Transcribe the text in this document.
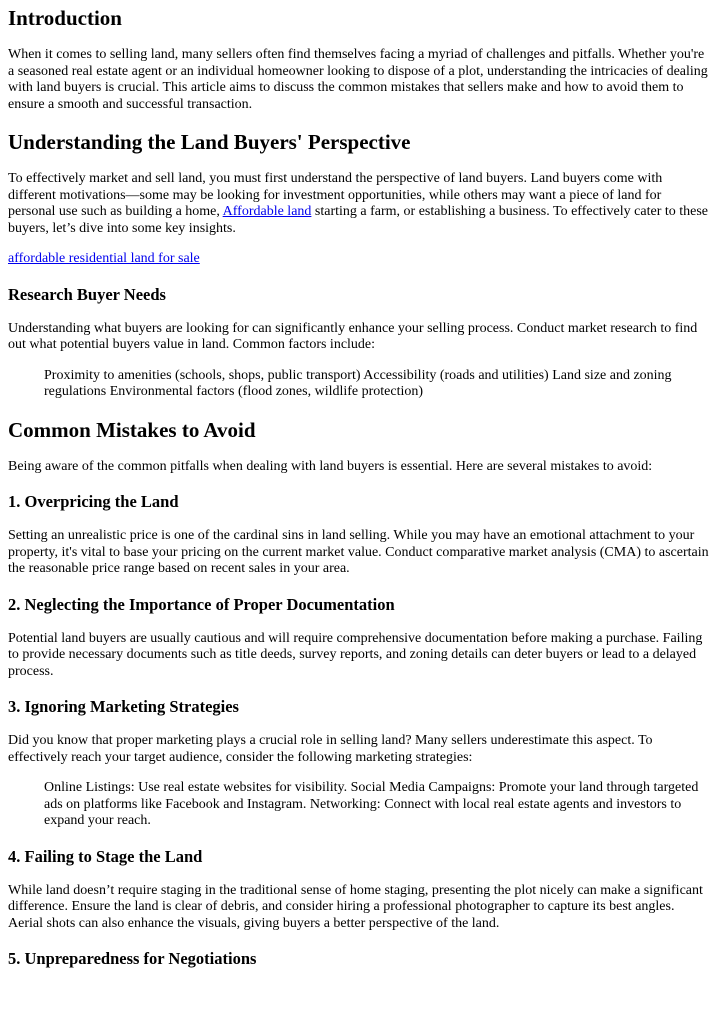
Introduction

When it comes to selling land, many sellers often find themselves facing a myriad of challenges and pitfalls. Whether you're a seasoned real estate agent or an individual homeowner looking to dispose of a plot, understanding the intricacies of dealing with land buyers is crucial. This article aims to discuss the common mistakes that sellers make and how to avoid them to ensure a smooth and successful transaction.

Understanding the Land Buyers' Perspective

To effectively market and sell land, you must first understand the perspective of land buyers. Land buyers come with different motivations—some may be looking for investment opportunities, while others may want a piece of land for personal use such as building a home, Affordable land starting a farm, or establishing a business. To effectively cater to these buyers, let’s dive into some key insights.

affordable residential land for sale

Research Buyer Needs

Understanding what buyers are looking for can significantly enhance your selling process. Conduct market research to find out what potential buyers value in land. Common factors include:

Proximity to amenities (schools, shops, public transport) Accessibility (roads and utilities) Land size and zoning regulations Environmental factors (flood zones, wildlife protection)
Common Mistakes to Avoid

Being aware of the common pitfalls when dealing with land buyers is essential. Here are several mistakes to avoid:

1. Overpricing the Land

Setting an unrealistic price is one of the cardinal sins in land selling. While you may have an emotional attachment to your property, it's vital to base your pricing on the current market value. Conduct comparative market analysis (CMA) to ascertain the reasonable price range based on recent sales in your area.

2. Neglecting the Importance of Proper Documentation

Potential land buyers are usually cautious and will require comprehensive documentation before making a purchase. Failing to provide necessary documents such as title deeds, survey reports, and zoning details can deter buyers or lead to a delayed process.

3. Ignoring Marketing Strategies

Did you know that proper marketing plays a crucial role in selling land? Many sellers underestimate this aspect. To effectively reach your target audience, consider the following marketing strategies:

Online Listings: Use real estate websites for visibility. Social Media Campaigns: Promote your land through targeted ads on platforms like Facebook and Instagram. Networking: Connect with local real estate agents and investors to expand your reach.
4. Failing to Stage the Land

While land doesn’t require staging in the traditional sense of home staging, presenting the plot nicely can make a significant difference. Ensure the land is clear of debris, and consider hiring a professional photographer to capture its best angles. Aerial shots can also enhance the visuals, giving buyers a better perspective of the land.

5. Unpreparedness for Negotiations
